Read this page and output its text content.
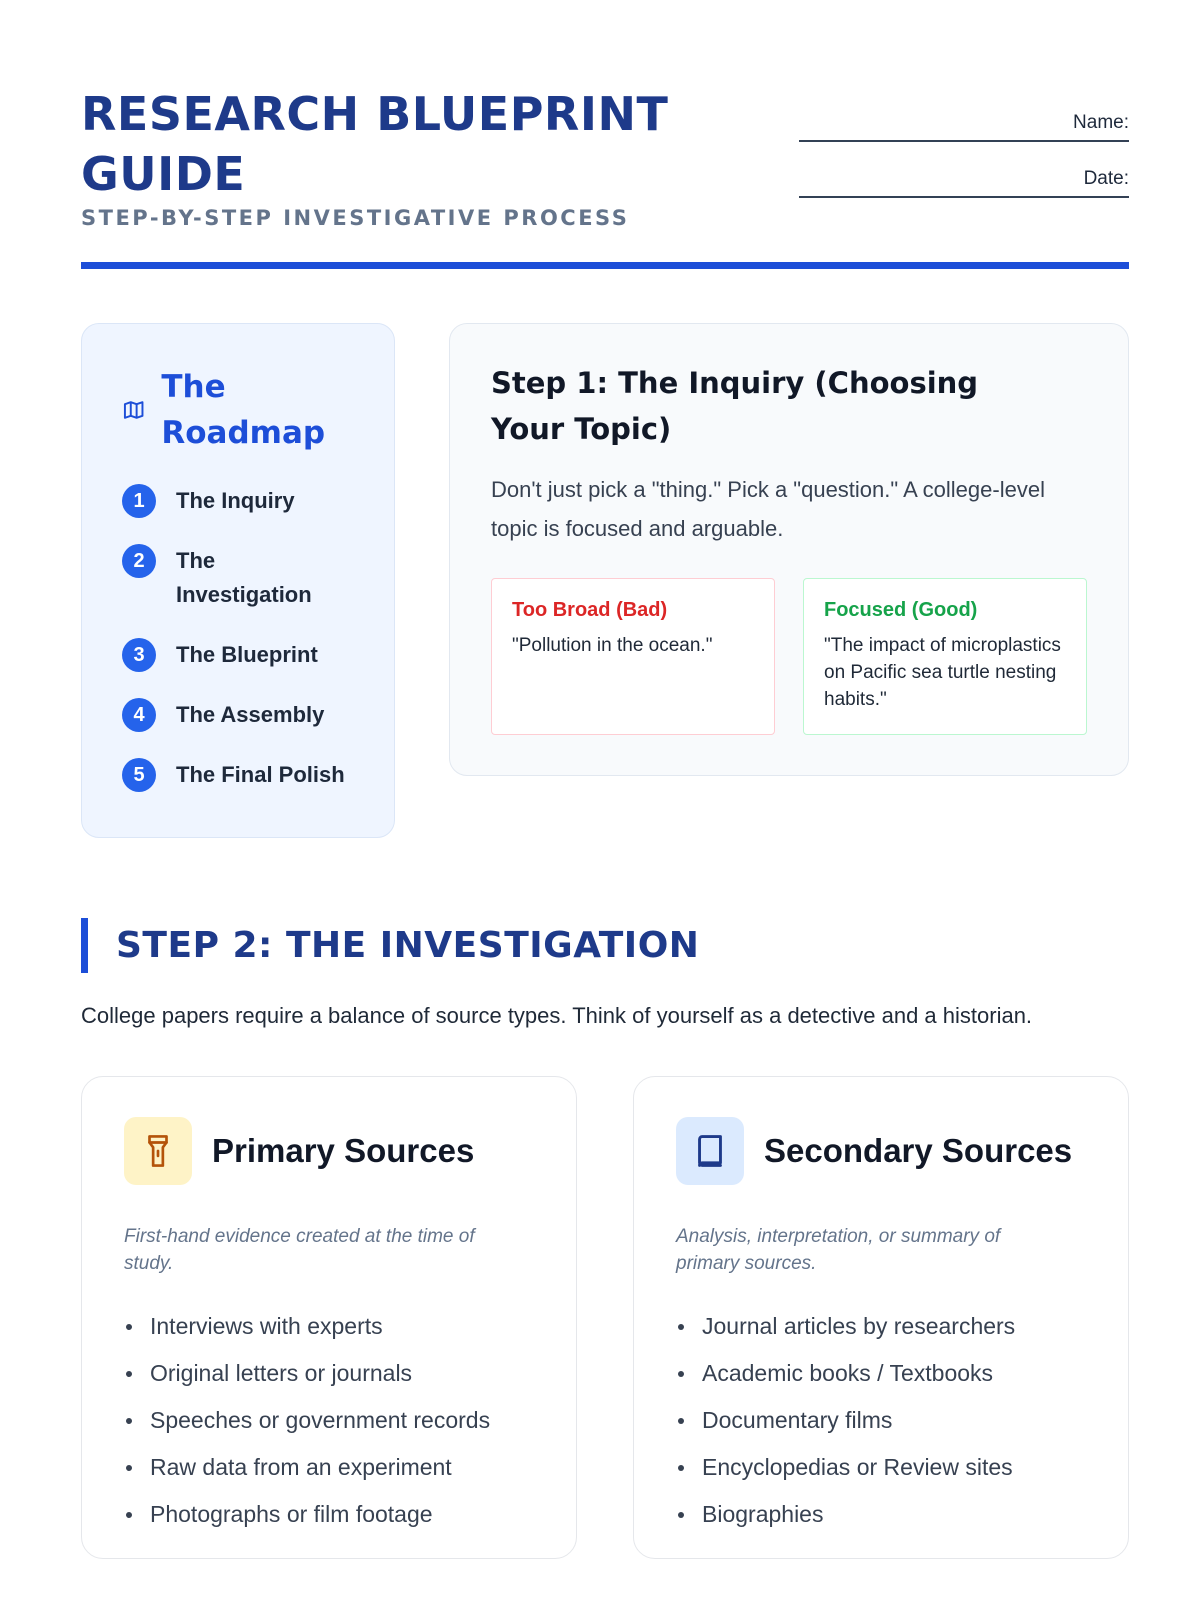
RESEARCH BLUEPRINT GUIDE
STEP-BY-STEP INVESTIGATIVE PROCESS
Name:
Date:
The Roadmap
1	The Inquiry
2	The Investigation
3	The Blueprint
4	The Assembly
5	The Final Polish
Step 1: The Inquiry (Choosing Your Topic)

Don't just pick a "thing." Pick a "question." A college-level topic is focused and arguable.

Too Broad (Bad)
"Pollution in the ocean."
Focused (Good)
"The impact of microplastics on Pacific sea turtle nesting habits."
STEP 2: THE INVESTIGATION

College papers require a balance of source types. Think of yourself as a detective and a historian.

Primary Sources

First-hand evidence created at the time of study.

Interviews with experts
Original letters or journals
Speeches or government records
Raw data from an experiment
Photographs or film footage
Secondary Sources

Analysis, interpretation, or summary of primary sources.

Journal articles by researchers
Academic books / Textbooks
Documentary films
Encyclopedias or Review sites
Biographies
